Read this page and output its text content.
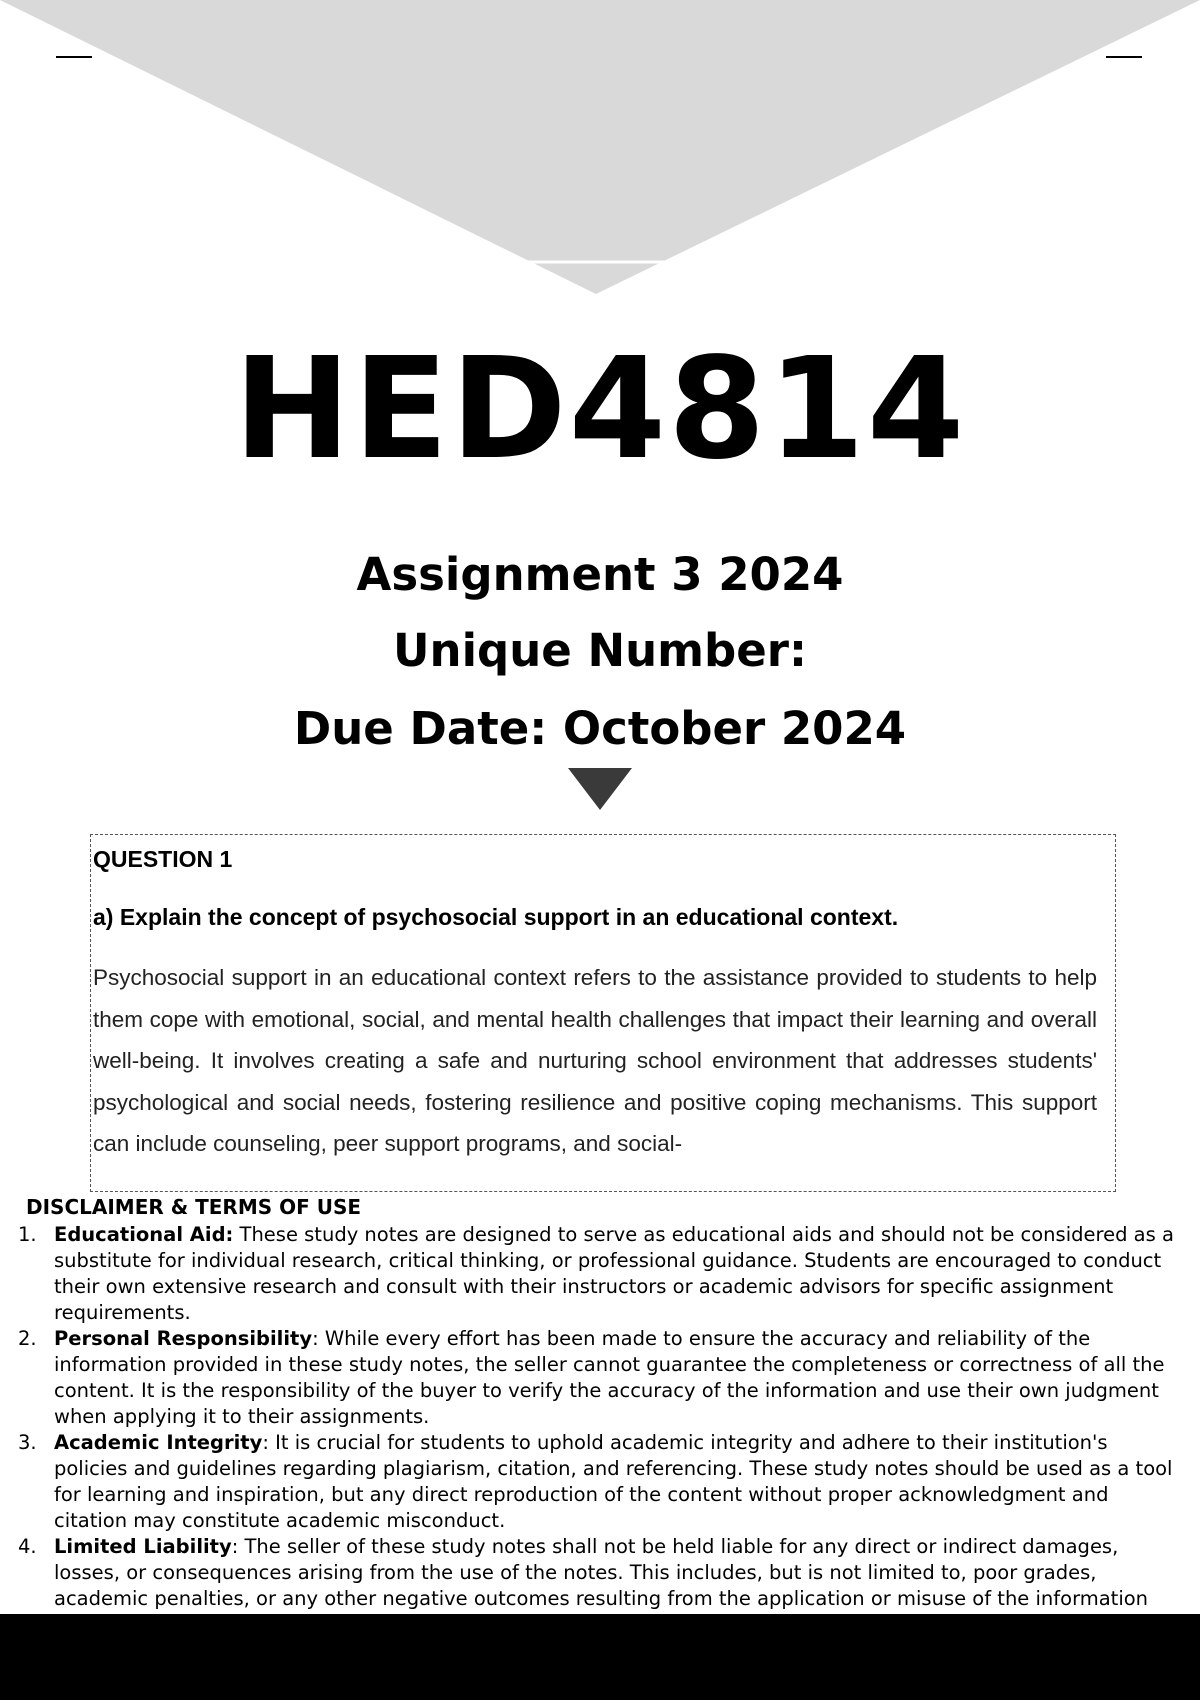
HED4814
Assignment 3 2024
Unique Number:
Due Date: October 2024
QUESTION 1
a) Explain the concept of psychosocial support in an educational context.

Psychosocial support in an educational context refers to the assistance provided to students to help them cope with emotional, social, and mental health challenges that impact their learning and overall well-being. It involves creating a safe and nurturing school environment that addresses students' psychological and social needs, fostering resilience and positive coping mechanisms. This support can include counseling, peer support programs, and social-

DISCLAIMER & TERMS OF USE
1. Educational Aid: These study notes are designed to serve as educational aids and should not be considered as a substitute for individual research, critical thinking, or professional guidance. Students are encouraged to conduct their own extensive research and consult with their instructors or academic advisors for specific assignment requirements.
2. Personal Responsibility: While every effort has been made to ensure the accuracy and reliability of the information provided in these study notes, the seller cannot guarantee the completeness or correctness of all the content. It is the responsibility of the buyer to verify the accuracy of the information and use their own judgment when applying it to their assignments.
3. Academic Integrity: It is crucial for students to uphold academic integrity and adhere to their institution's policies and guidelines regarding plagiarism, citation, and referencing. These study notes should be used as a tool for learning and inspiration, but any direct reproduction of the content without proper acknowledgment and citation may constitute academic misconduct.
4. Limited Liability: The seller of these study notes shall not be held liable for any direct or indirect damages, losses, or consequences arising from the use of the notes. This includes, but is not limited to, poor grades, academic penalties, or any other negative outcomes resulting from the application or misuse of the information
